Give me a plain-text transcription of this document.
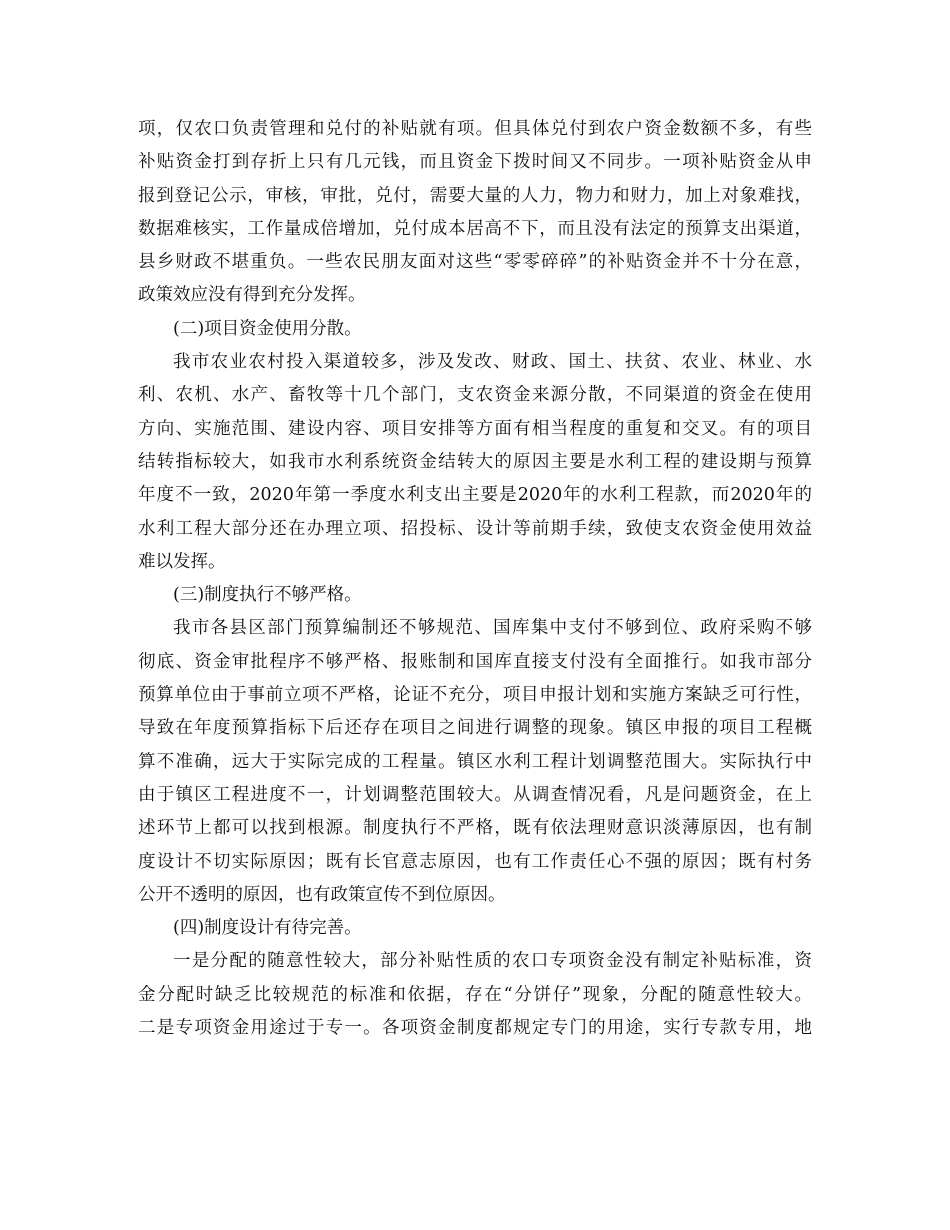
项，仅农口负责管理和兑付的补贴就有项。但具体兑付到农户资金数额不多，有些
补贴资金打到存折上只有几元钱，而且资金下拨时间又不同步。一项补贴资金从申
报到登记公示，审核，审批，兑付，需要大量的人力，物力和财力，加上对象难找，
数据难核实，工作量成倍增加，兑付成本居高不下，而且没有法定的预算支出渠道，
县乡财政不堪重负。一些农民朋友面对这些“零零碎碎”的补贴资金并不十分在意，
政策效应没有得到充分发挥。
(二)项目资金使用分散。
我市农业农村投入渠道较多，涉及发改、财政、国土、扶贫、农业、林业、水
利、农机、水产、畜牧等十几个部门，支农资金来源分散，不同渠道的资金在使用
方向、实施范围、建设内容、项目安排等方面有相当程度的重复和交叉。有的项目
结转指标较大，如我市水利系统资金结转大的原因主要是水利工程的建设期与预算
年度不一致，2020年第一季度水利支出主要是2020年的水利工程款，而2020年的
水利工程大部分还在办理立项、招投标、设计等前期手续，致使支农资金使用效益
难以发挥。
(三)制度执行不够严格。
我市各县区部门预算编制还不够规范、国库集中支付不够到位、政府采购不够
彻底、资金审批程序不够严格、报账制和国库直接支付没有全面推行。如我市部分
预算单位由于事前立项不严格，论证不充分，项目申报计划和实施方案缺乏可行性，
导致在年度预算指标下后还存在项目之间进行调整的现象。镇区申报的项目工程概
算不准确，远大于实际完成的工程量。镇区水利工程计划调整范围大。实际执行中
由于镇区工程进度不一，计划调整范围较大。从调查情况看，凡是问题资金，在上
述环节上都可以找到根源。制度执行不严格，既有依法理财意识淡薄原因，也有制
度设计不切实际原因；既有长官意志原因，也有工作责任心不强的原因；既有村务
公开不透明的原因，也有政策宣传不到位原因。
(四)制度设计有待完善。
一是分配的随意性较大，部分补贴性质的农口专项资金没有制定补贴标准，资
金分配时缺乏比较规范的标准和依据，存在“分饼仔”现象，分配的随意性较大。
二是专项资金用途过于专一。各项资金制度都规定专门的用途，实行专款专用，地
